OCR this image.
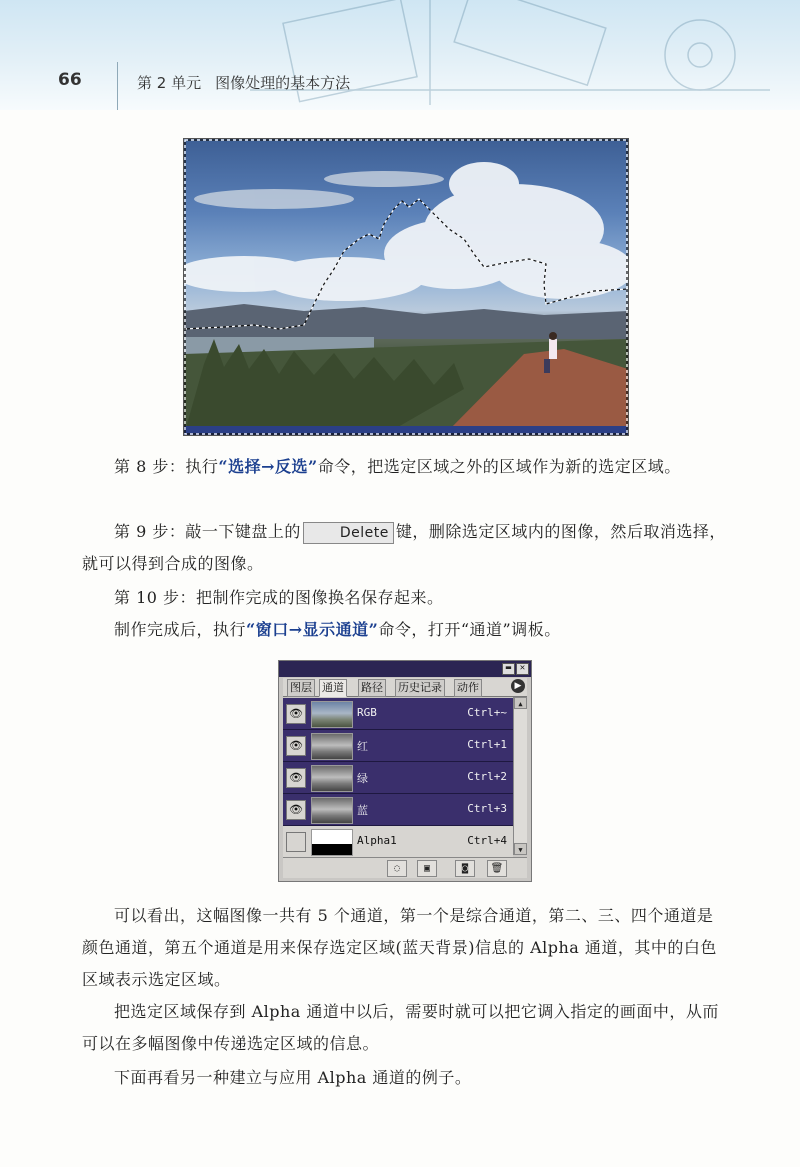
66	第 2 单元 图像处理的基本方法
第 8 步：执行“选择→反选”命令，把选定区域之外的区域作为新的选定区域。
第 9 步：敲一下键盘上的	Delete 键，删除选定区域内的图像，然后取消选择，就可以得到合成的图像。
第 10 步：把制作完成的图像换名保存起来。
制作完成后，执行“窗口→显示通道”命令，打开“通道”调板。
▬ ✕
图层 通道 路径 历史记录 动作	▶
👁	RGB	Ctrl+~
👁	红	Ctrl+1
👁	绿	Ctrl+2
👁	蓝	Ctrl+3
Alpha1	Ctrl+4
▲
▼
◌	▣	◙	🗑
可以看出，这幅图像一共有 5 个通道，第一个是综合通道，第二、三、四个通道是颜色通道，第五个通道是用来保存选定区域(蓝天背景)信息的 Alpha 通道，其中的白色区域表示选定区域。
把选定区域保存到 Alpha 通道中以后，需要时就可以把它调入指定的画面中，从而可以在多幅图像中传递选定区域的信息。
下面再看另一种建立与应用 Alpha 通道的例子。
